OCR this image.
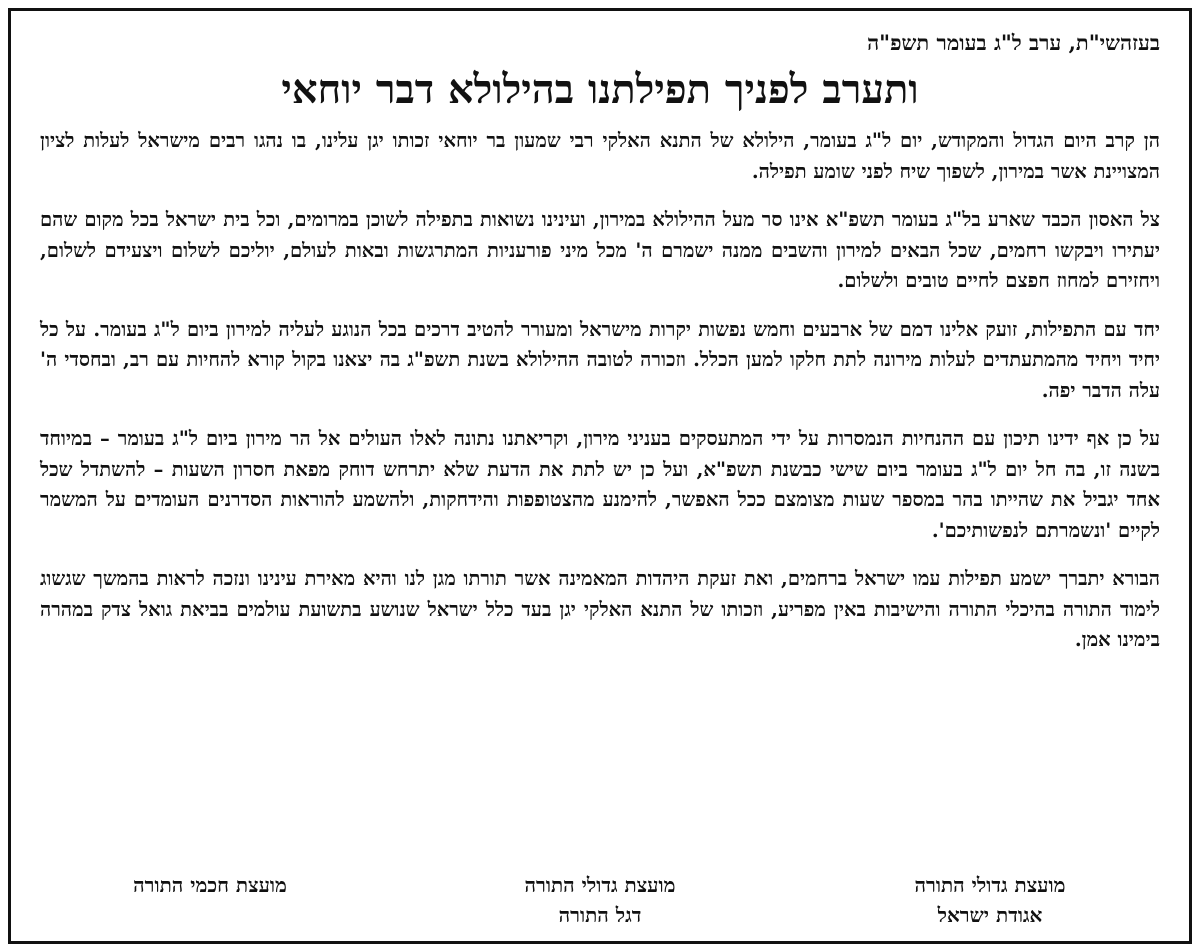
בעזהשי"ת, ערב ל"ג בעומר תשפ"ה
ותערב לפניך תפילתנו בהילולא דבר יוחאי

הן קרב היום הגדול והמקודש, יום ל"ג בעומר, הילולא של התנא האלקי רבי שמעון בר יוחאי זכותו יגן עלינו, בו נהגו רבים מישראל לעלות לציון המצויינת אשר במירון, לשפוך שיח לפני שומע תפילה.

צל האסון הכבד שארע בל"ג בעומר תשפ"א אינו סר מעל ההילולא במירון, ועינינו נשואות בתפילה לשוכן במרומים, וכל בית ישראל בכל מקום שהם יעתירו ויבקשו רחמים, שכל הבאים למירון והשבים ממנה ישמרם ה' מכל מיני פורעניות המתרגשות ובאות לעולם, יוליכם לשלום ויצעידם לשלום, ויחזירם למחוז חפצם לחיים טובים ולשלום.

יחד עם התפילות, זועק אלינו דמם של ארבעים וחמש נפשות יקרות מישראל ומעורר להטיב דרכים בכל הנוגע לעליה למירון ביום ל"ג בעומר. על כל יחיד ויחיד מהמתעתדים לעלות מירונה לתת חלקו למען הכלל. וזכורה לטובה ההילולא בשנת תשפ"ג בה יצאנו בקול קורא להחיות עם רב, ובחסדי ה' עלה הדבר יפה.

על כן אף ידינו תיכון עם ההנחיות הנמסרות על ידי המתעסקים בעניני מירון, וקריאתנו נתונה לאלו העולים אל הר מירון ביום ל"ג בעומר – במיוחד בשנה זו, בה חל יום ל"ג בעומר ביום שישי כבשנת תשפ"א, ועל כן יש לתת את הדעת שלא יתרחש דוחק מפאת חסרון השעות – להשתדל שכל אחד יגביל את שהייתו בהר במספר שעות מצומצם ככל האפשר, להימנע מהצטופפות והידחקות, ולהשמע להוראות הסדרנים העומדים על המשמר לקיים 'ונשמרתם לנפשותיכם'.

הבורא יתברך ישמע תפילות עמו ישראל ברחמים, ואת זעקת היהדות המאמינה אשר תורתו מגן לנו והיא מאירת עינינו ונזכה לראות בהמשך שגשוג לימוד התורה בהיכלי התורה והישיבות באין מפריע, וזכותו של התנא האלקי יגן בעד כלל ישראל שנושע בתשועת עולמים בביאת גואל צדק במהרה בימינו אמן.

מועצת גדולי התורה
אגודת ישראל
מועצת גדולי התורה
דגל התורה
מועצת חכמי התורה
